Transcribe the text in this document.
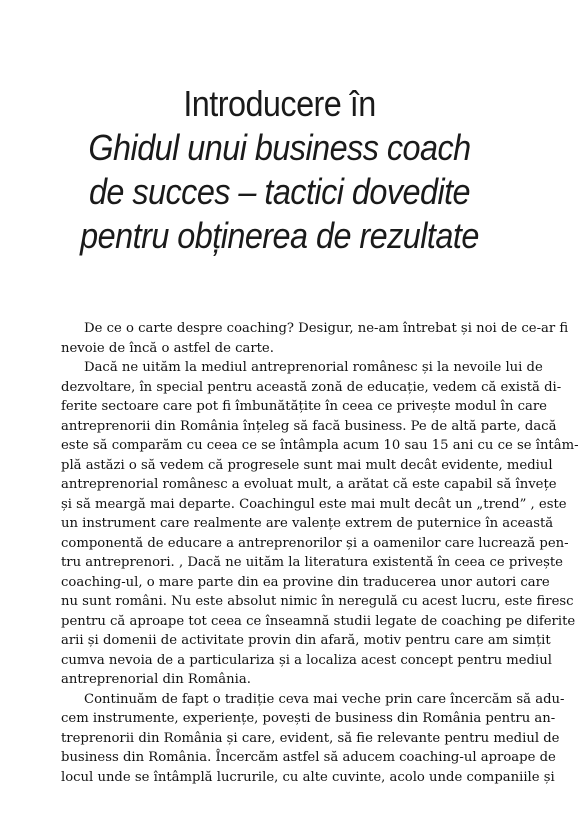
Introducere în
Ghidul unui business coach
de succes – tactici dovedite
pentru obținerea de rezultate
De ce o carte despre coaching? Desigur, ne-am întrebat și noi de ce-ar fi
nevoie de încă o astfel de carte.
Dacă ne uităm la mediul antreprenorial românesc și la nevoile lui de
dezvoltare, în special pentru această zonă de educație, vedem că există di-
ferite sectoare care pot fi îmbunătățite în ceea ce privește modul în care
antreprenorii din România înțeleg să facă business. Pe de altă parte, dacă
este să comparăm cu ceea ce se întâmpla acum 10 sau 15 ani cu ce se întâm-
plă astăzi o să vedem că progresele sunt mai mult decât evidente, mediul
antreprenorial românesc a evoluat mult, a arătat că este capabil să învețe
și să meargă mai departe. Coachingul este mai mult decât un „trend” , este
un instrument care realmente are valențe extrem de puternice în această
componentă de educare a antreprenorilor și a oamenilor care lucrează pen-
tru antreprenori. , Dacă ne uităm la literatura existentă în ceea ce privește
coaching-ul, o mare parte din ea provine din traducerea unor autori care
nu sunt români. Nu este absolut nimic în neregulă cu acest lucru, este firesc
pentru că aproape tot ceea ce înseamnă studii legate de coaching pe diferite
arii și domenii de activitate provin din afară, motiv pentru care am simțit
cumva nevoia de a particulariza și a localiza acest concept pentru mediul
antreprenorial din România.
Continuăm de fapt o tradiție ceva mai veche prin care încercăm să adu-
cem instrumente, experiențe, povești de business din România pentru an-
treprenorii din România și care, evident, să fie relevante pentru mediul de
business din România. Încercăm astfel să aducem coaching-ul aproape de
locul unde se întâmplă lucrurile, cu alte cuvinte, acolo unde companiile și
